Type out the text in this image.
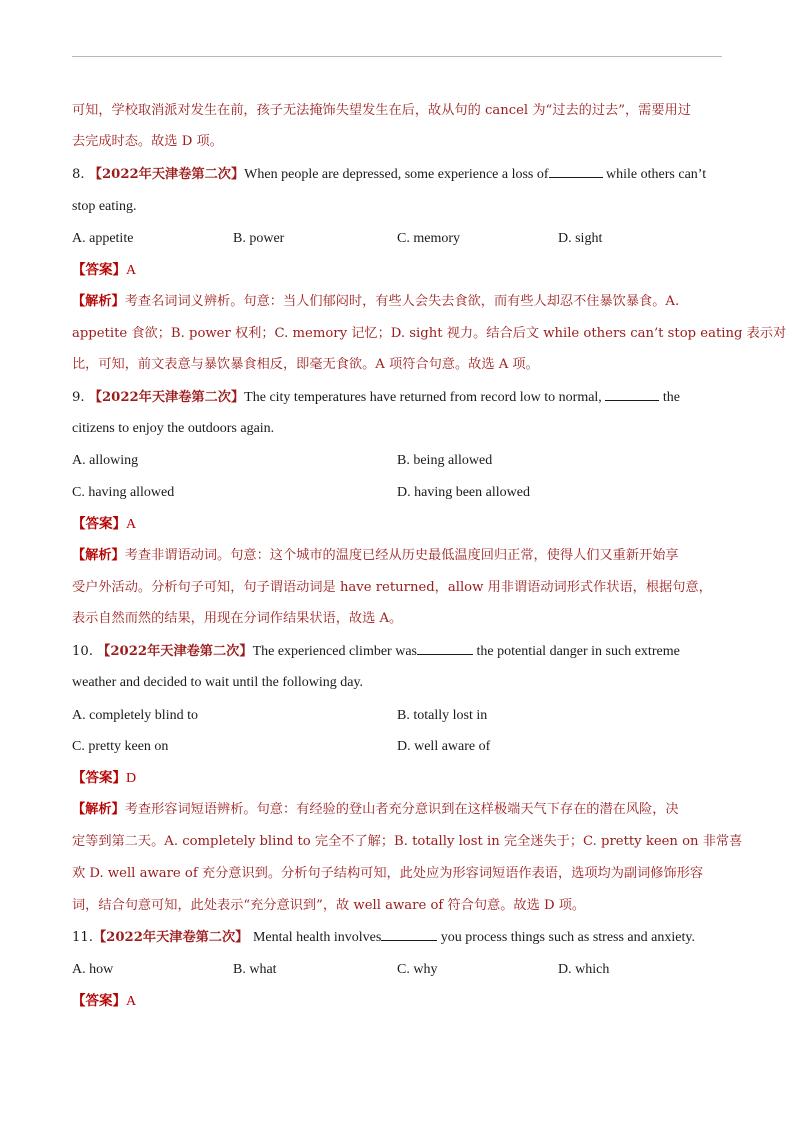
可知，学校取消派对发生在前，孩子无法掩饰失望发生在后，故从句的 cancel 为“过去的过去”，需要用过
去完成时态。故选 D 项。
8. 【2022年天津卷第二次】When people are depressed, some experience a loss of	while others can’t
stop eating.
A. appetite	B. power	C. memory	D. sight
【答案】A
【解析】考查名词词义辨析。句意：当人们郁闷时，有些人会失去食欲，而有些人却忍不住暴饮暴食。A.
appetite 食欲；B. power 权利；C. memory 记忆；D. sight 视力。结合后文 while others can’t stop eating 表示对
比，可知，前文表意与暴饮暴食相反，即毫无食欲。A 项符合句意。故选 A 项。
9. 【2022年天津卷第二次】The city temperatures have returned from record low to normal,	the
citizens to enjoy the outdoors again.
A. allowing	B. being allowed
C. having allowed	D. having been allowed
【答案】A
【解析】考查非谓语动词。句意：这个城市的温度已经从历史最低温度回归正常，使得人们又重新开始享
受户外活动。分析句子可知，句子谓语动词是 have returned，allow 用非谓语动词形式作状语，根据句意，
表示自然而然的结果，用现在分词作结果状语，故选 A。
10. 【2022年天津卷第二次】The experienced climber was	the potential danger in such extreme
weather and decided to wait until the following day.
A. completely blind to	B. totally lost in
C. pretty keen on	D. well aware of
【答案】D
【解析】考查形容词短语辨析。句意：有经验的登山者充分意识到在这样极端天气下存在的潜在风险，决
定等到第二天。A. completely blind to 完全不了解；B. totally lost in 完全迷失于；C. pretty keen on 非常喜
欢 D. well aware of 充分意识到。分析句子结构可知，此处应为形容词短语作表语，选项均为副词修饰形容
词，结合句意可知，此处表示“充分意识到”，故 well aware of 符合句意。故选 D 项。
11.【2022年天津卷第二次】 Mental health involves	you process things such as stress and anxiety.
A. how	B. what	C. why	D. which
【答案】A
